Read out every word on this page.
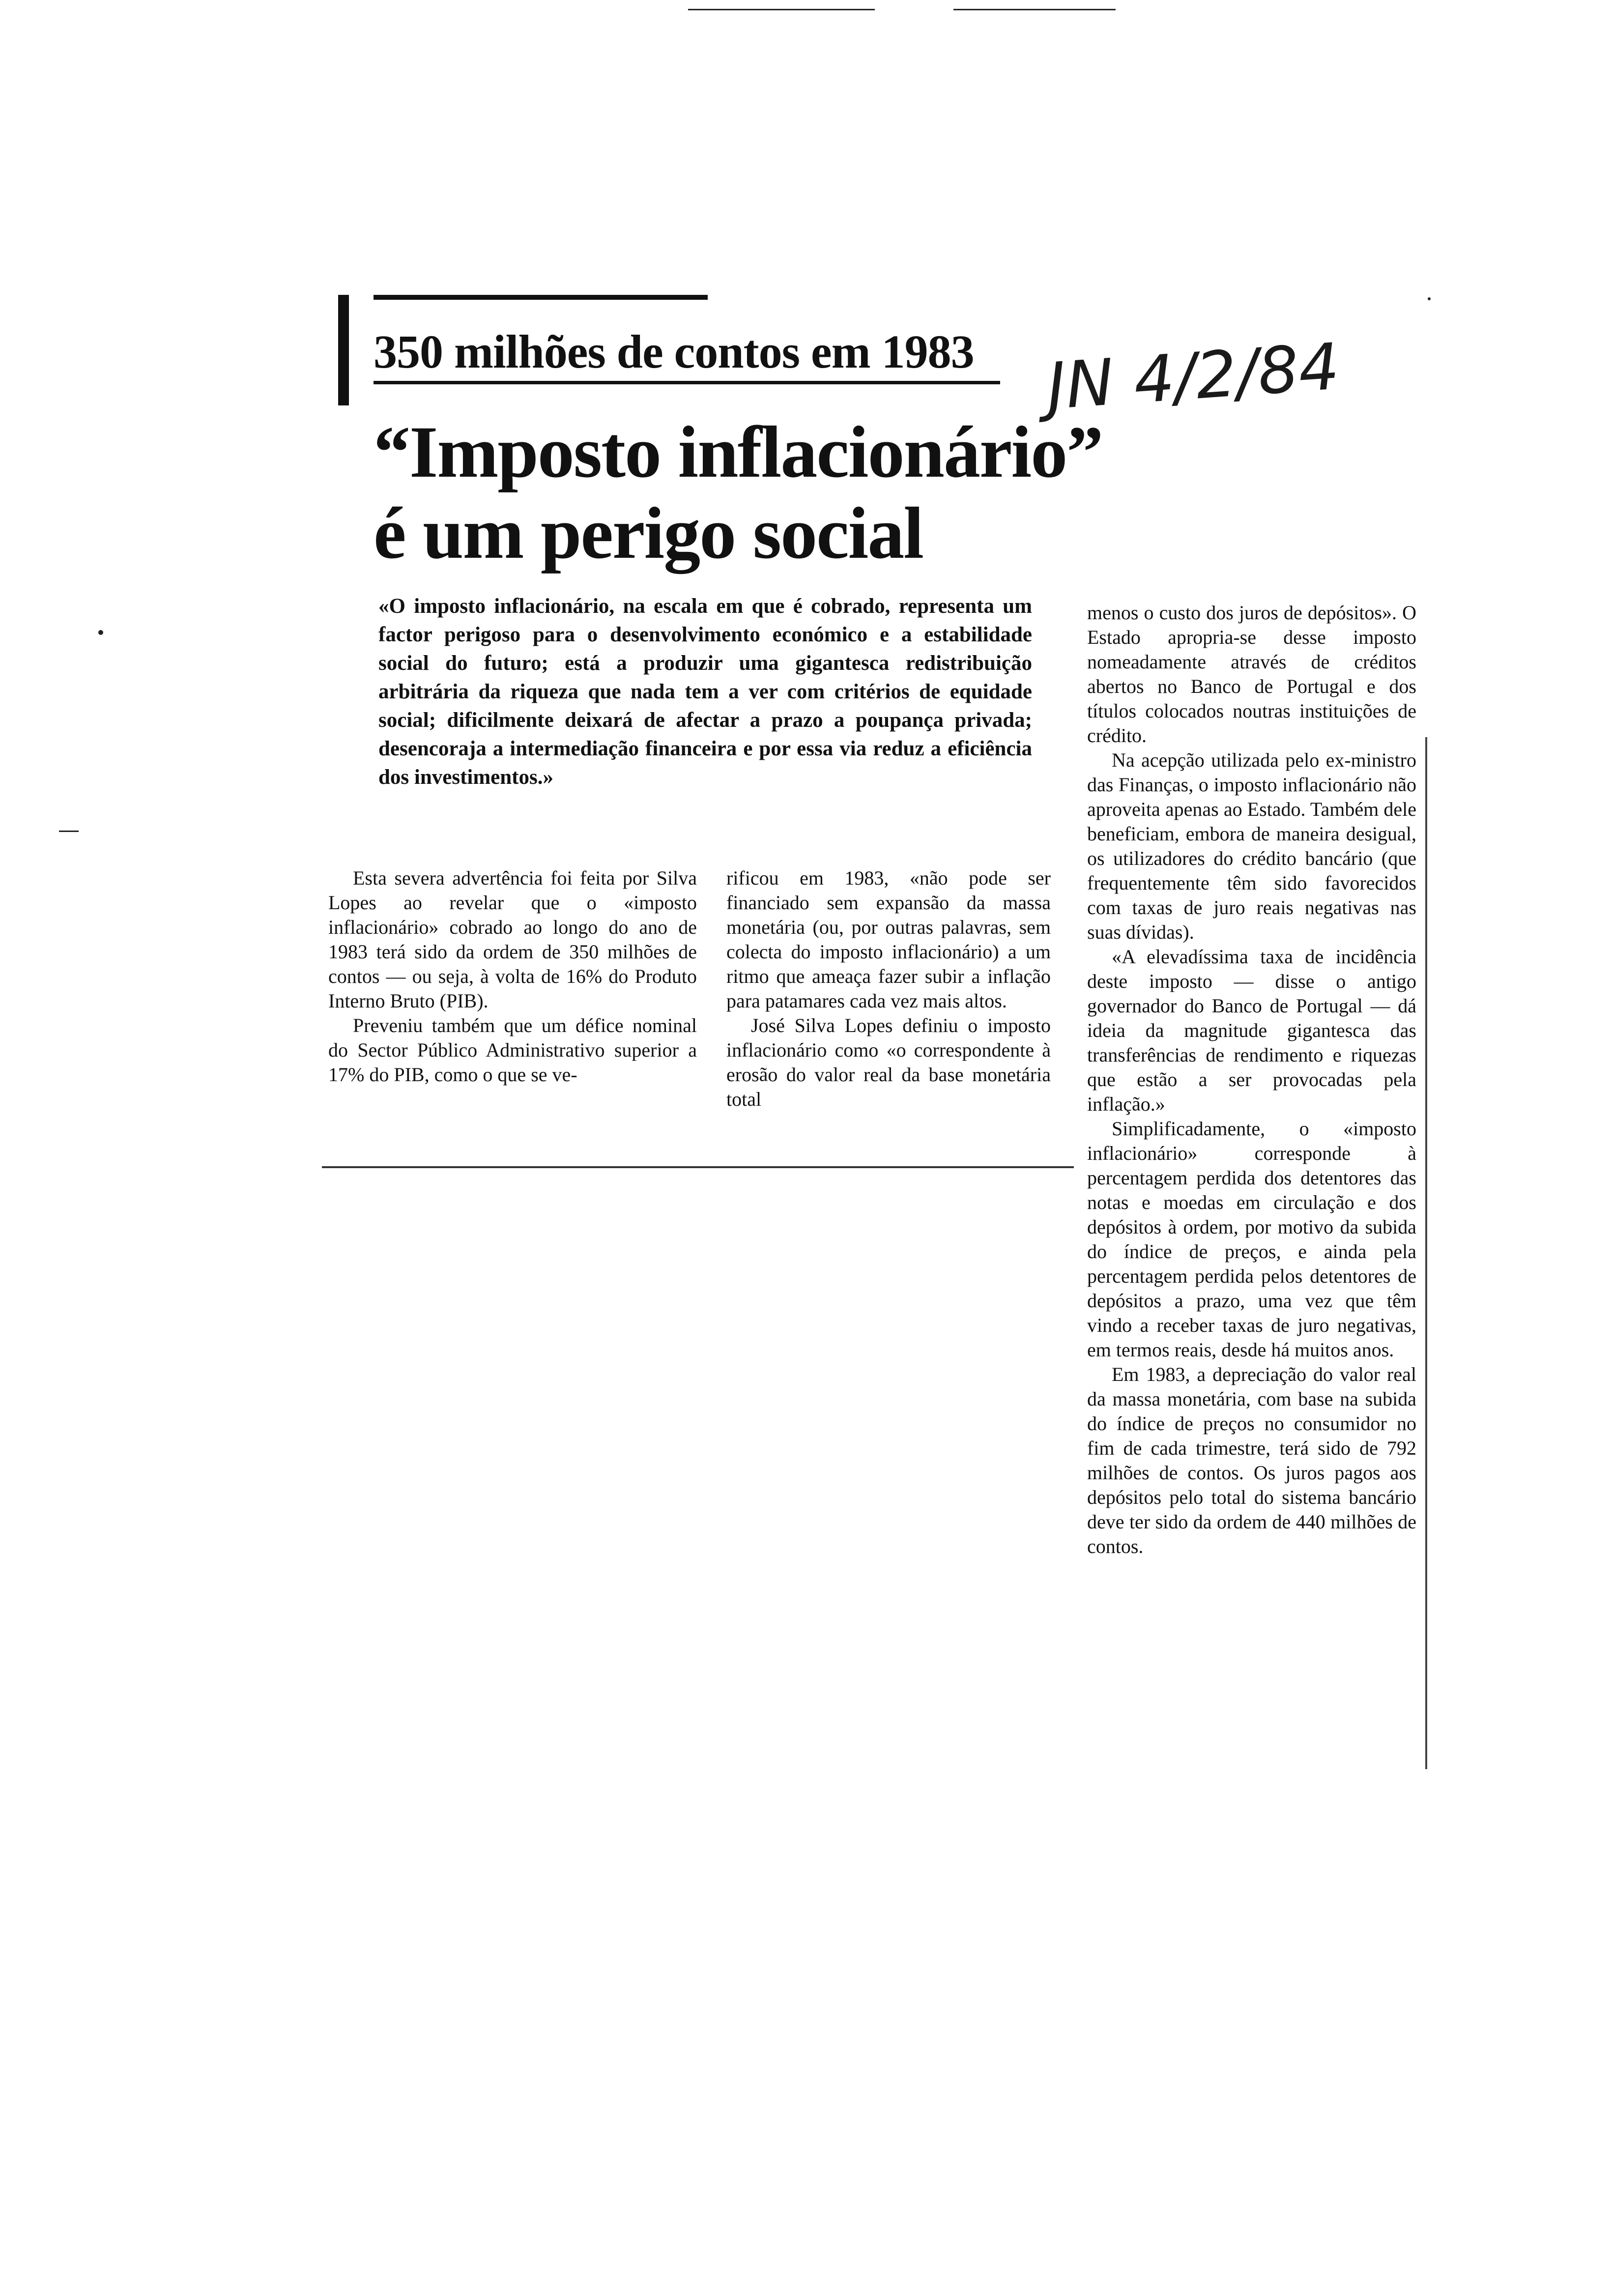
350 milhões de contos em 1983
“Imposto inflacionário”
é um perigo social
JN 4/2/84
«O imposto inflacionário, na escala em que é cobrado, representa um factor perigoso para o desenvolvimento económico e a estabilidade social do futuro; está a produzir uma gigantesca redistribuição arbitrária da riqueza que nada tem a ver com critérios de equidade social; dificilmente deixará de afectar a prazo a poupança privada; desencoraja a intermediação financeira e por essa via reduz a eficiência dos investimentos.»

Esta severa advertência foi feita por Silva Lopes ao revelar que o «imposto inflacionário» cobrado ao longo do ano de 1983 terá sido da ordem de 350 milhões de contos — ou seja, à volta de 16% do Produto Interno Bruto (PIB).

Preveniu também que um défice nominal do Sector Público Administrativo superior a 17% do PIB, como o que se ve-

rificou em 1983, «não pode ser financiado sem expansão da massa monetária (ou, por outras palavras, sem colecta do imposto inflacionário) a um ritmo que ameaça fazer subir a inflação para patamares cada vez mais altos.

José Silva Lopes definiu o imposto inflacionário como «o correspondente à erosão do valor real da base monetária total

menos o custo dos juros de depósitos». O Estado apropria-se desse imposto nomeadamente através de créditos abertos no Banco de Portugal e dos títulos colocados noutras instituições de crédito.

Na acepção utilizada pelo ex-ministro das Finanças, o imposto inflacionário não aproveita apenas ao Estado. Também dele beneficiam, embora de maneira desigual, os utilizadores do crédito bancário (que frequentemente têm sido favorecidos com taxas de juro reais negativas nas suas dívidas).

«A elevadíssima taxa de incidência deste imposto — disse o antigo governador do Banco de Portugal — dá ideia da magnitude gigantesca das transferências de rendimento e riquezas que estão a ser provocadas pela inflação.»

Simplificadamente, o «imposto inflacionário» corresponde à percentagem perdida dos detentores das notas e moedas em circulação e dos depósitos à ordem, por motivo da subida do índice de preços, e ainda pela percentagem perdida pelos detentores de depósitos a prazo, uma vez que têm vindo a receber taxas de juro negativas, em termos reais, desde há muitos anos.

Em 1983, a depreciação do valor real da massa monetária, com base na subida do índice de preços no consumidor no fim de cada trimestre, terá sido de 792 milhões de contos. Os juros pagos aos depósitos pelo total do sistema bancário deve ter sido da ordem de 440 milhões de contos.
